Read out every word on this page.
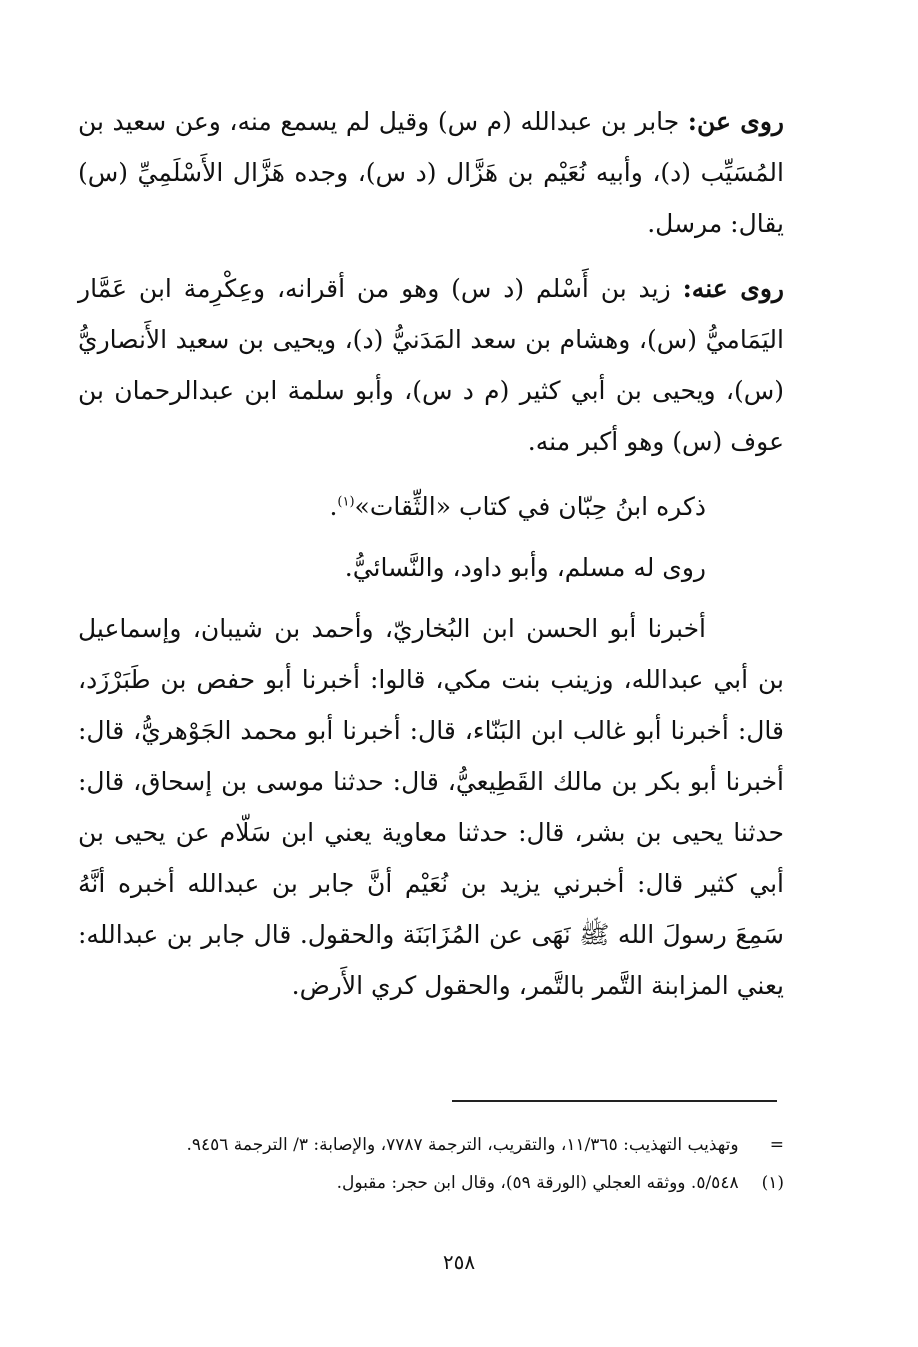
روى عن: جابر بن عبدالله (م س) وقيل لم يسمع منه، وعن سعيد بن المُسَيِّب (د)، وأبيه نُعَيْم بن هَزَّال (د س)، وجده هَزَّال الأَسْلَمِيِّ (س) يقال: مرسل.

روى عنه: زيد بن أَسْلم (د س) وهو من أقرانه، وعِكْرِمة ابن عَمَّار اليَمَاميُّ (س)، وهشام بن سعد المَدَنيُّ (د)، ويحيى بن سعيد الأَنصاريُّ (س)، ويحيى بن أبي كثير (م د س)، وأبو سلمة ابن عبدالرحمان بن عوف (س) وهو أكبر منه.

ذكره ابنُ حِبّان في كتاب «الثِّقات»$^{(١)}$.

روى له مسلم، وأبو داود، والنَّسائيُّ.

أخبرنا أبو الحسن ابن البُخاريّ، وأحمد بن شيبان، وإسماعيل بن أبي عبدالله، وزينب بنت مكي، قالوا: أخبرنا أبو حفص بن طَبَرْزَد، قال: أخبرنا أبو غالب ابن البَنّاء، قال: أخبرنا أبو محمد الجَوْهريُّ، قال: أخبرنا أبو بكر بن مالك القَطِيعيُّ، قال: حدثنا موسى بن إسحاق، قال: حدثنا يحيى بن بشر، قال: حدثنا معاوية يعني ابن سَلّام عن يحيى بن أبي كثير قال: أخبرني يزيد بن نُعَيْم أنَّ جابر بن عبدالله أخبره أنَّهُ سَمِعَ رسولَ الله ﷺ نَهَى عن المُزَابَنَة والحقول. قال جابر بن عبدالله: يعني المزابنة التَّمر بالتَّمر، والحقول كري الأَرض.

= وتهذيب التهذيب: ١١/٣٦٥، والتقريب، الترجمة ٧٧٨٧، والإصابة: ٣/ الترجمة ٩٤٥٦.

(١) ٥/٥٤٨. ووثقه العجلي (الورقة ٥٩)، وقال ابن حجر: مقبول.

٢٥٨
